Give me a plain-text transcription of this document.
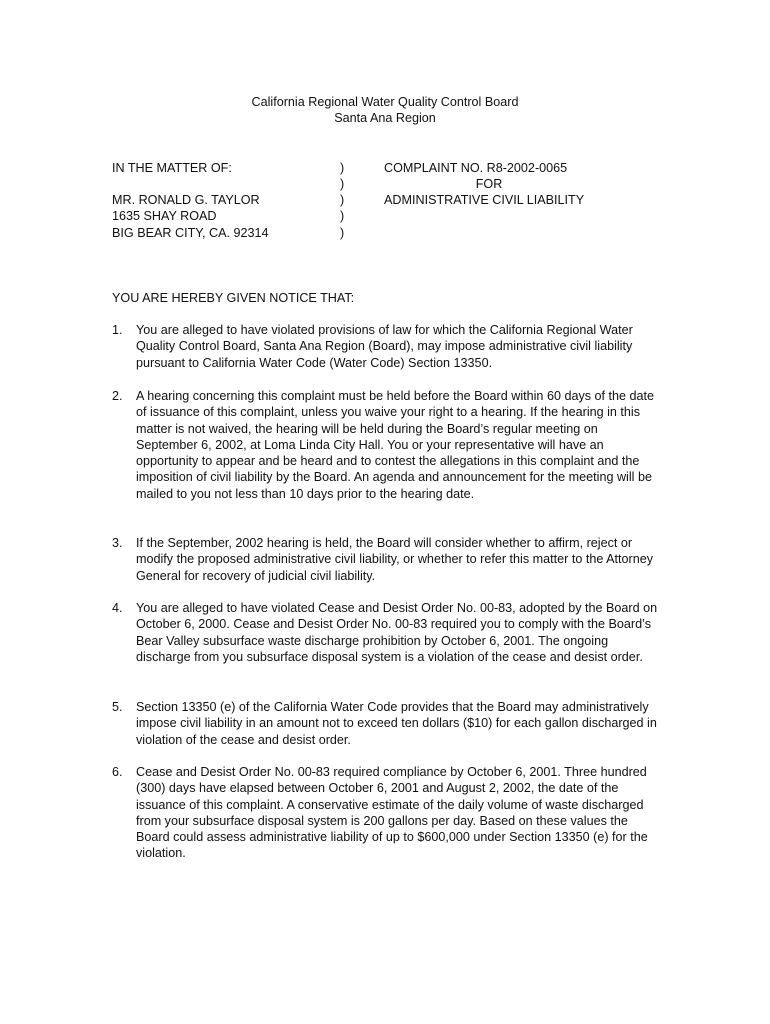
California Regional Water Quality Control Board
Santa Ana Region
IN THE MATTER OF:
MR. RONALD G. TAYLOR
1635 SHAY ROAD
BIG BEAR CITY, CA. 92314
)
)
)
)
)
COMPLAINT NO. R8-2002-0065
FOR
ADMINISTRATIVE CIVIL LIABILITY
YOU ARE HEREBY GIVEN NOTICE THAT:
1. You are alleged to have violated provisions of law for which the California Regional Water Quality Control Board, Santa Ana Region (Board), may impose administrative civil liability pursuant to California Water Code (Water Code) Section 13350.
2. A hearing concerning this complaint must be held before the Board within 60 days of the date of issuance of this complaint, unless you waive your right to a hearing. If the hearing in this matter is not waived, the hearing will be held during the Board’s regular meeting on September 6, 2002, at Loma Linda City Hall. You or your representative will have an opportunity to appear and be heard and to contest the allegations in this complaint and the imposition of civil liability by the Board. An agenda and announcement for the meeting will be mailed to you not less than 10 days prior to the hearing date.
3. If the September, 2002 hearing is held, the Board will consider whether to affirm, reject or modify the proposed administrative civil liability, or whether to refer this matter to the Attorney General for recovery of judicial civil liability.
4. You are alleged to have violated Cease and Desist Order No. 00-83, adopted by the Board on October 6, 2000. Cease and Desist Order No. 00-83 required you to comply with the Board’s Bear Valley subsurface waste discharge prohibition by October 6, 2001. The ongoing discharge from you subsurface disposal system is a violation of the cease and desist order.
5. Section 13350 (e) of the California Water Code provides that the Board may administratively impose civil liability in an amount not to exceed ten dollars ($10) for each gallon discharged in violation of the cease and desist order.
6. Cease and Desist Order No. 00-83 required compliance by October 6, 2001. Three hundred (300) days have elapsed between October 6, 2001 and August 2, 2002, the date of the issuance of this complaint. A conservative estimate of the daily volume of waste discharged from your subsurface disposal system is 200 gallons per day. Based on these values the Board could assess administrative liability of up to $600,000 under Section 13350 (e) for the violation.
